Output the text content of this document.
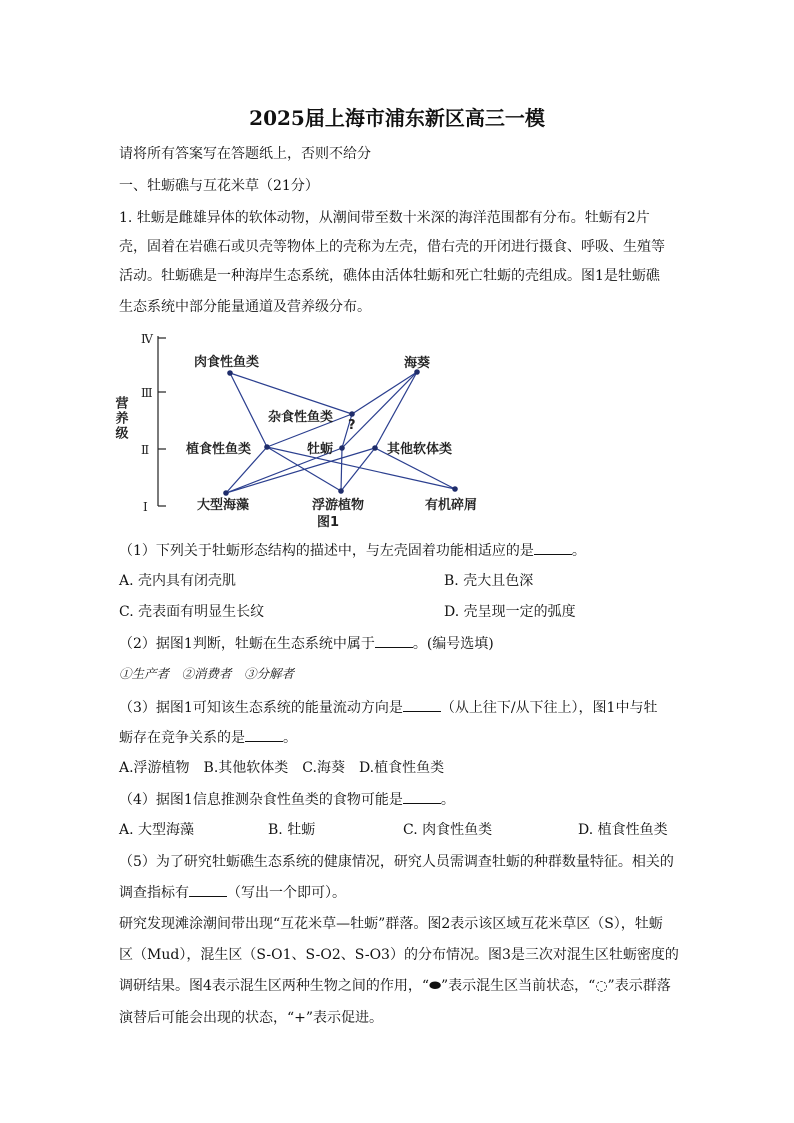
2025届上海市浦东新区高三一模
请将所有答案写在答题纸上，否则不给分
一、牡蛎礁与互花米草（21分）
1. 牡蛎是雌雄异体的软体动物，从潮间带至数十米深的海洋范围都有分布。牡蛎有2片
壳，固着在岩礁石或贝壳等物体上的壳称为左壳，借右壳的开闭进行摄食、呼吸、生殖等
活动。牡蛎礁是一种海岸生态系统，礁体由活体牡蛎和死亡牡蛎的壳组成。图1是牡蛎礁
生态系统中部分能量通道及营养级分布。
Ⅳ
Ⅲ
Ⅱ
Ⅰ
营养级
肉食性鱼类	海葵
杂食性鱼类
?
植食性鱼类	牡蛎	其他软体类
大型海藻	浮游植物	有机碎屑
图1
（1）下列关于牡蛎形态结构的描述中，与左壳固着功能相适应的是	。
A. 壳内具有闭壳肌	B. 壳大且色深
C. 壳表面有明显生长纹	D. 壳呈现一定的弧度
（2）据图1判断，牡蛎在生态系统中属于	。(编号选填)
①生产者　②消费者　③分解者
（3）据图1可知该生态系统的能量流动方向是	（从上往下/从下往上），图1中与牡
蛎存在竞争关系的是	。
A.浮游植物　B.其他软体类　C.海葵　D.植食性鱼类
（4）据图1信息推测杂食性鱼类的食物可能是	。
A. 大型海藻	B. 牡蛎	C. 肉食性鱼类	D. 植食性鱼类
（5）为了研究牡蛎礁生态系统的健康情况，研究人员需调查牡蛎的种群数量特征。相关的
调查指标有	（写出一个即可）。
研究发现滩涂潮间带出现“互花米草—牡蛎”群落。图2表示该区域互花米草区（S），牡蛎
区（Mud），混生区（S-O1、S-O2、S-O3）的分布情况。图3是三次对混生区牡蛎密度的
调研结果。图4表示混生区两种生物之间的作用，“⬬”表示混生区当前状态，“◌”表示群落
演替后可能会出现的状态，“+”表示促进。
